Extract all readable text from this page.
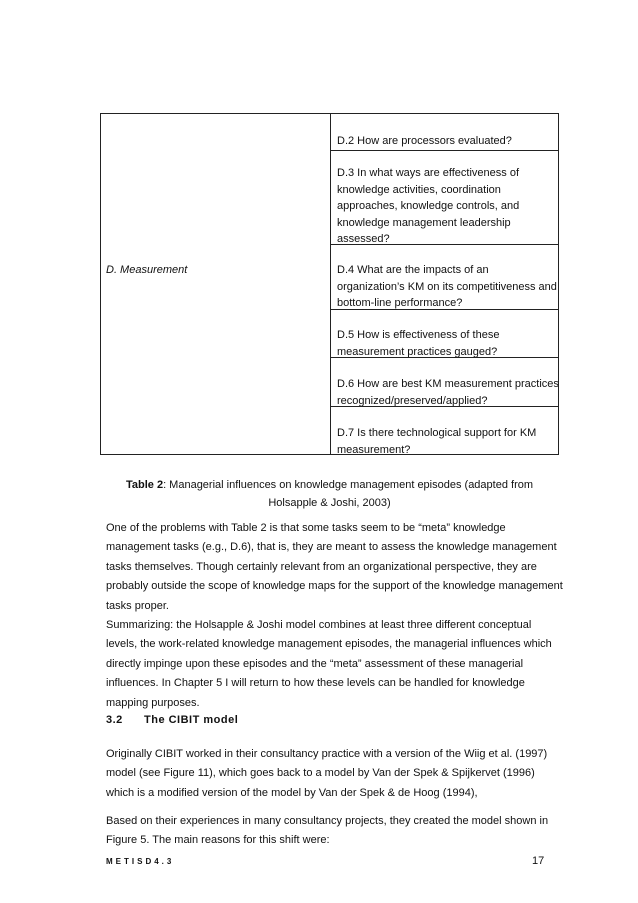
D. Measurement
D.2 How are processors evaluated?
D.3 In what ways are effectiveness of knowledge activities, coordination approaches, knowledge controls, and knowledge management leadership assessed?
D.4 What are the impacts of an organization’s KM on its competitiveness and bottom-line performance?
D.5 How is effectiveness of these measurement practices gauged?
D.6 How are best KM measurement practices recognized/preserved/applied?
D.7 Is there technological support for KM measurement?
Table 2: Managerial influences on knowledge management episodes (adapted from
Holsapple & Joshi, 2003)
One of the problems with Table 2 is that some tasks seem to be “meta” knowledge
management tasks (e.g., D.6), that is, they are meant to assess the knowledge management
tasks themselves. Though certainly relevant from an organizational perspective, they are
probably outside the scope of knowledge maps for the support of the knowledge management
tasks proper.
Summarizing: the Holsapple & Joshi model combines at least three different conceptual
levels, the work-related knowledge management episodes, the managerial influences which
directly impinge upon these episodes and the “meta” assessment of these managerial
influences. In Chapter 5 I will return to how these levels can be handled for knowledge
mapping purposes.
3.2 The CIBIT model
Originally CIBIT worked in their consultancy practice with a version of the Wiig et al. (1997)
model (see Figure 11), which goes back to a model by Van der Spek & Spijkervet (1996)
which is a modified version of the model by Van der Spek & de Hoog (1994),
Based on their experiences in many consultancy projects, they created the model shown in
Figure 5. The main reasons for this shift were:
METISD4.3	17
